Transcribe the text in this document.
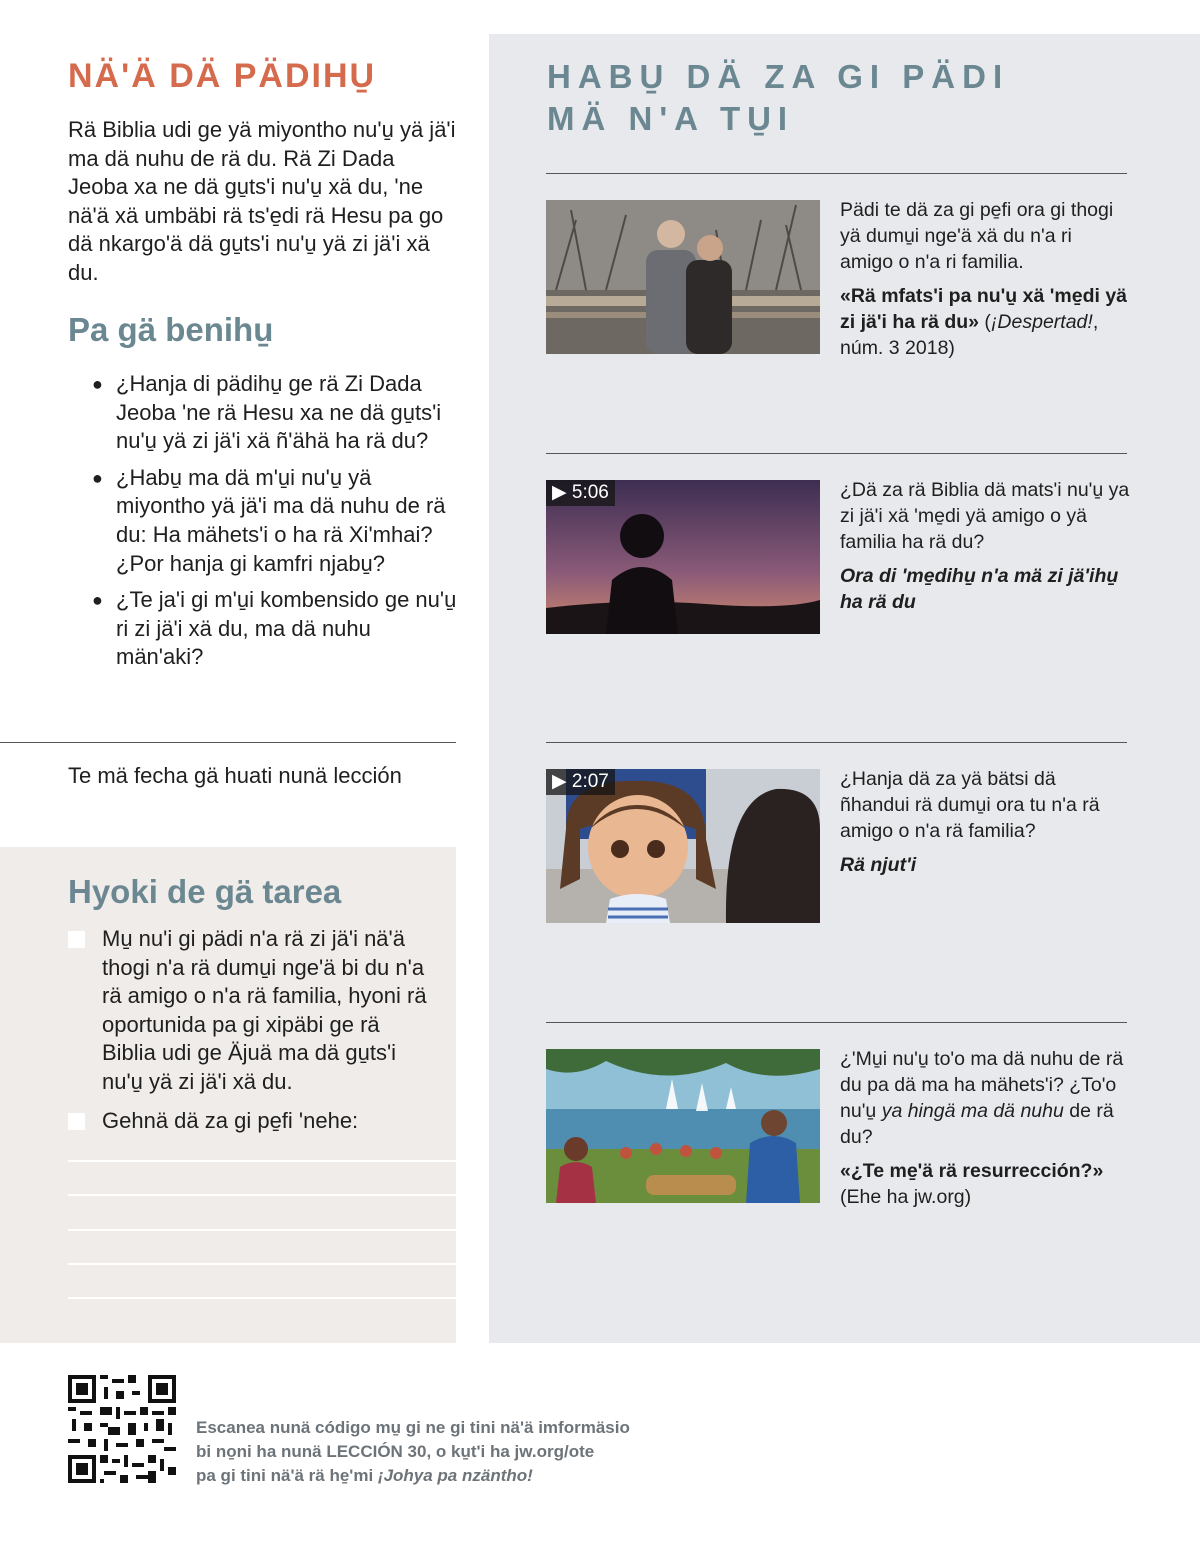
NÄ'Ä DÄ PÄDIHU̱

Rä Biblia udi ge yä miyontho nu'u̱ yä jä'i ma dä nuhu de rä du. Rä Zi Dada Jeoba xa ne dä gu̱ts'i nu'u̱ xä du, 'ne nä'ä xä umbäbi rä ts'e̱di rä Hesu pa go dä nkargo'ä dä gu̱ts'i nu'u̱ yä zi jä'i xä du.

Pa gä benihu̱
● ¿Hanja di pädihu̱ ge rä Zi Dada Jeoba 'ne rä Hesu xa ne dä gu̱ts'i nu'u̱ yä zi jä'i xä ñ'ähä ha rä du?
● ¿Habu̱ ma dä m'u̱i nu'u̱ yä miyontho yä jä'i ma dä nuhu de rä du: Ha mähets'i o ha rä Xi'mhai? ¿Por hanja gi kamfri njabu̱?
● ¿Te ja'i gi m'u̱i kombensido ge nu'u̱ ri zi jä'i xä du, ma dä nuhu män'aki?
Te mä fecha gä huati nunä lección
Hyoki de gä tarea

Mu̱ nu'i gi pädi n'a rä zi jä'i nä'ä thogi n'a rä dumu̱i nge'ä bi du n'a rä amigo o n'a rä familia, hyoni rä oportunida pa gi xipäbi ge rä Biblia udi ge Äjuä ma dä gu̱ts'i nu'u̱ yä zi jä'i xä du.

Gehnä dä za gi pe̱fi 'nehe:

HABU̱ DÄ ZA GI PÄDI
MÄ N'A TU̱I

Pädi te dä za gi pe̱fi ora gi thogi yä dumu̱i nge'ä xä du n'a ri amigo o n'a ri familia.

«Rä mfats'i pa nu'u̱ xä 'me̱di yä zi jä'i ha rä du» (¡Despertad!, núm. 3 2018)

▶ 5:06	¿Dä za rä Biblia dä mats'i nu'u̱ ya zi jä'i xä 'me̱di yä amigo o yä familia ha rä du?

Ora di 'me̱dihu̱ n'a mä zi jä'ihu̱ ha rä du

▶ 2:07	¿Hanja dä za yä bätsi dä ñhandui rä dumu̱i ora tu n'a rä amigo o n'a rä familia?

Rä njut'i

¿'Mu̱i nu'u̱ to'o ma dä nuhu de rä du pa dä ma ha mähets'i? ¿To'o nu'u̱ ya hingä ma dä nuhu de rä du?

«¿Te me̱'ä rä resurrección?»

(Ehe ha jw.org)

Escanea nunä código mu̱ gi ne gi tini nä'ä imformäsio
bi no̱ni ha nunä LECCIÓN 30, o ku̱t'i ha jw.org/ote
pa gi tini nä'ä rä he̱'mi ¡Johya pa nzäntho!
